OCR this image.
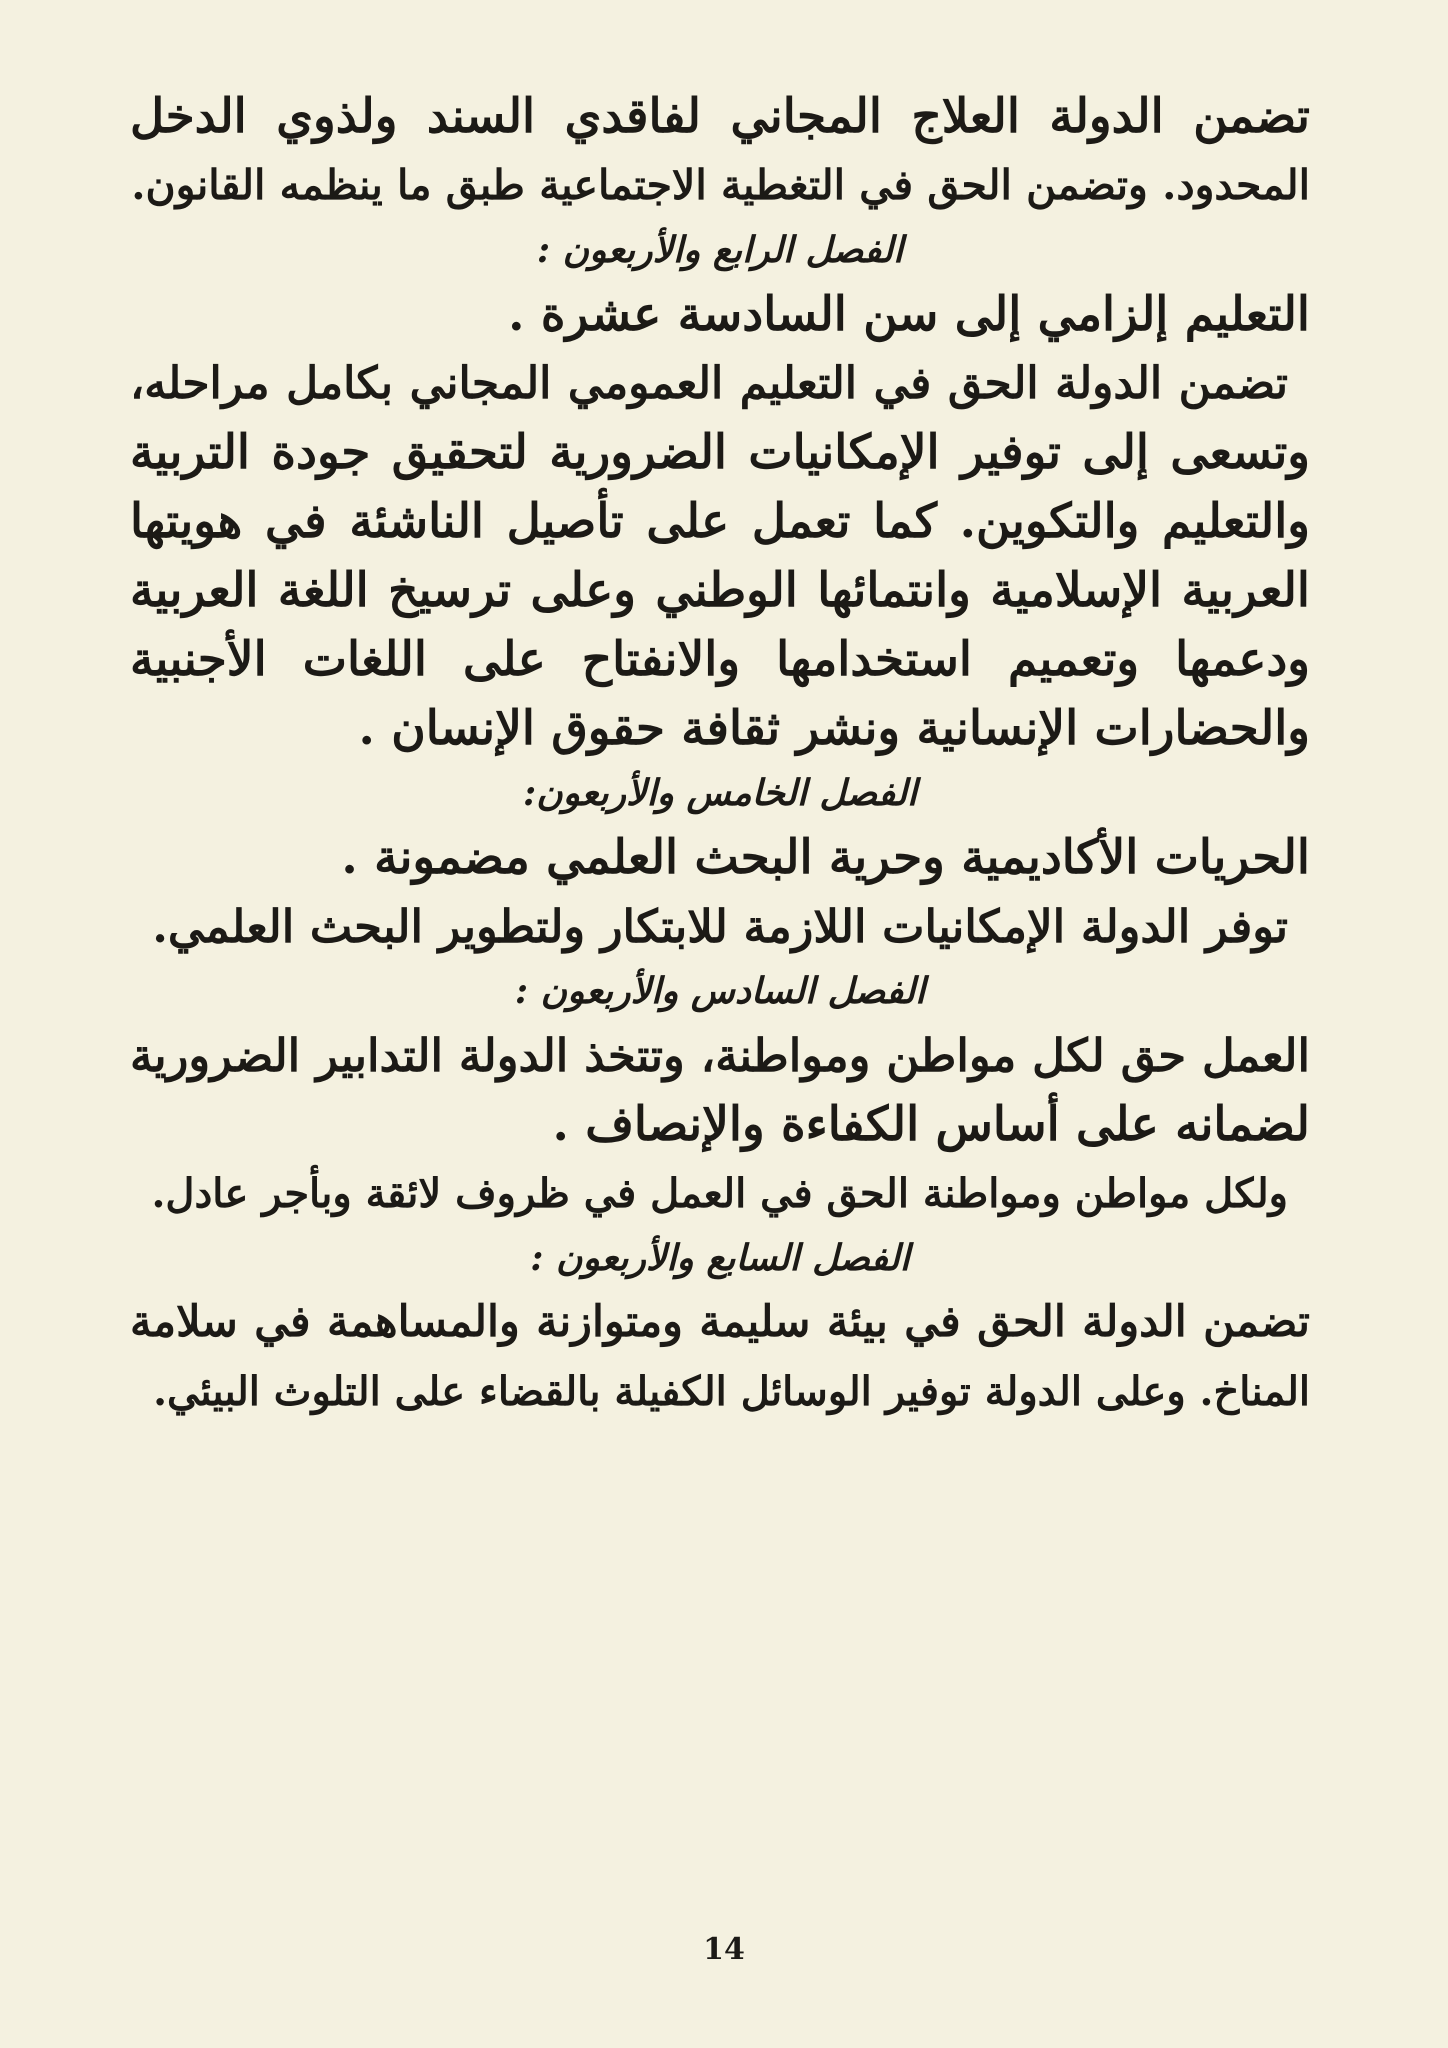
تضمن الدولة العلاج المجاني لفاقدي السند ولذوي الدخل
المحدود. وتضمن الحق في التغطية الاجتماعية طبق ما ينظمه القانون.
الفصل الرابع والأربعون :
التعليم إلزامي إلى سن السادسة عشرة .
تضمن الدولة الحق في التعليم العمومي المجاني بكامل مراحله،
وتسعى إلى توفير الإمكانيات الضرورية لتحقيق جودة التربية
والتعليم والتكوين. كما تعمل على تأصيل الناشئة في هويتها
العربية الإسلامية وانتمائها الوطني وعلى ترسيخ اللغة العربية
ودعمها وتعميم استخدامها والانفتاح على اللغات الأجنبية
والحضارات الإنسانية ونشر ثقافة حقوق الإنسان .
الفصل الخامس والأربعون:
الحريات الأكاديمية وحرية البحث العلمي مضمونة .
توفر الدولة الإمكانيات اللازمة للابتكار ولتطوير البحث العلمي.
الفصل السادس والأربعون :
العمل حق لكل مواطن ومواطنة، وتتخذ الدولة التدابير الضرورية
لضمانه على أساس الكفاءة والإنصاف .
ولكل مواطن ومواطنة الحق في العمل في ظروف لائقة وبأجر عادل.
الفصل السابع والأربعون :
تضمن الدولة الحق في بيئة سليمة ومتوازنة والمساهمة في سلامة
المناخ. وعلى الدولة توفير الوسائل الكفيلة بالقضاء على التلوث البيئي.
14
